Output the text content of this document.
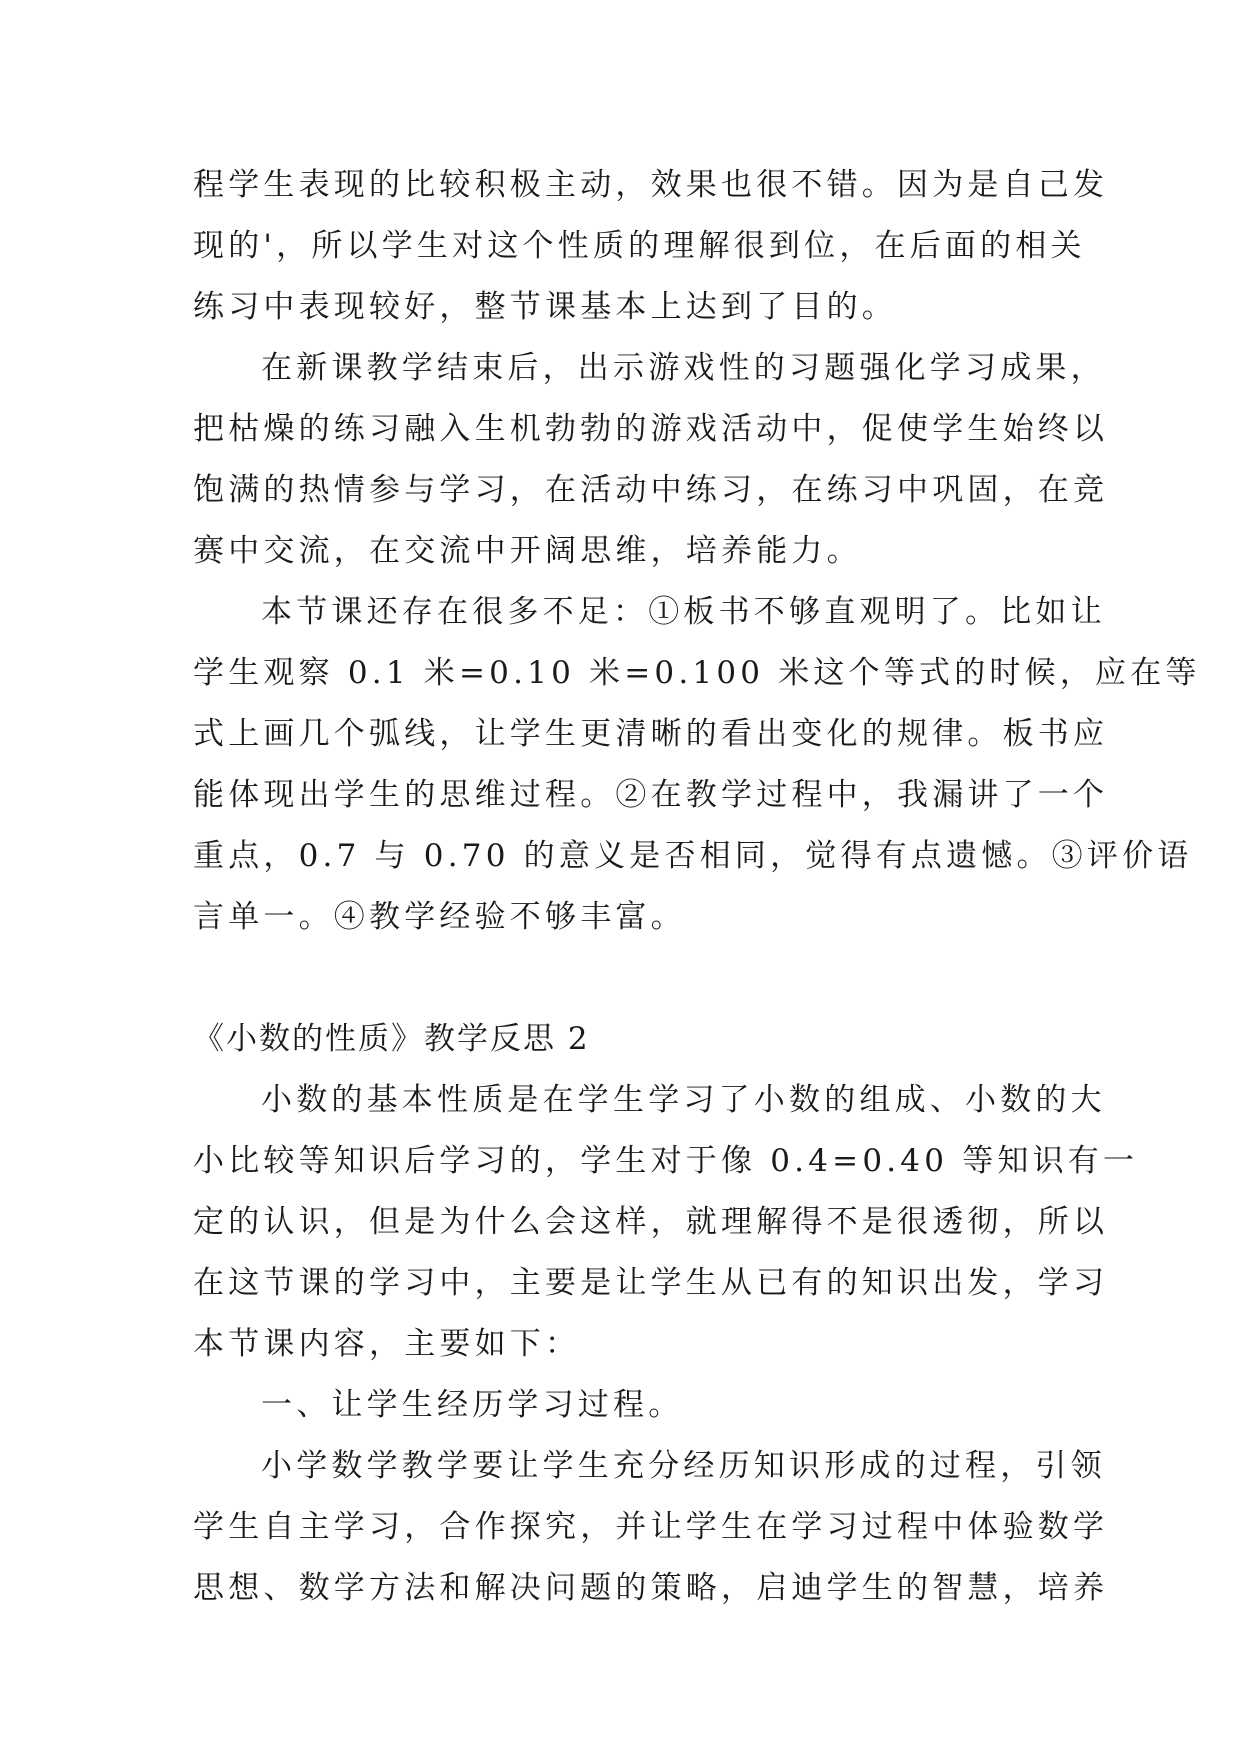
程学生表现的比较积极主动，效果也很不错。因为是自己发
现的'，所以学生对这个性质的理解很到位，在后面的相关
练习中表现较好，整节课基本上达到了目的。
在新课教学结束后，出示游戏性的习题强化学习成果，
把枯燥的练习融入生机勃勃的游戏活动中，促使学生始终以
饱满的热情参与学习，在活动中练习，在练习中巩固，在竞
赛中交流，在交流中开阔思维，培养能力。
本节课还存在很多不足：①板书不够直观明了。比如让
学生观察 0.1 米=0.10 米=0.100 米这个等式的时候，应在等
式上画几个弧线，让学生更清晰的看出变化的规律。板书应
能体现出学生的思维过程。②在教学过程中，我漏讲了一个
重点，0.7 与 0.70 的意义是否相同，觉得有点遗憾。③评价语
言单一。④教学经验不够丰富。
《小数的性质》教学反思 2
小数的基本性质是在学生学习了小数的组成、小数的大
小比较等知识后学习的，学生对于像 0.4=0.40 等知识有一
定的认识，但是为什么会这样，就理解得不是很透彻，所以
在这节课的学习中，主要是让学生从已有的知识出发，学习
本节课内容，主要如下：
一、让学生经历学习过程。
小学数学教学要让学生充分经历知识形成的过程，引领
学生自主学习，合作探究，并让学生在学习过程中体验数学
思想、数学方法和解决问题的策略，启迪学生的智慧，培养
